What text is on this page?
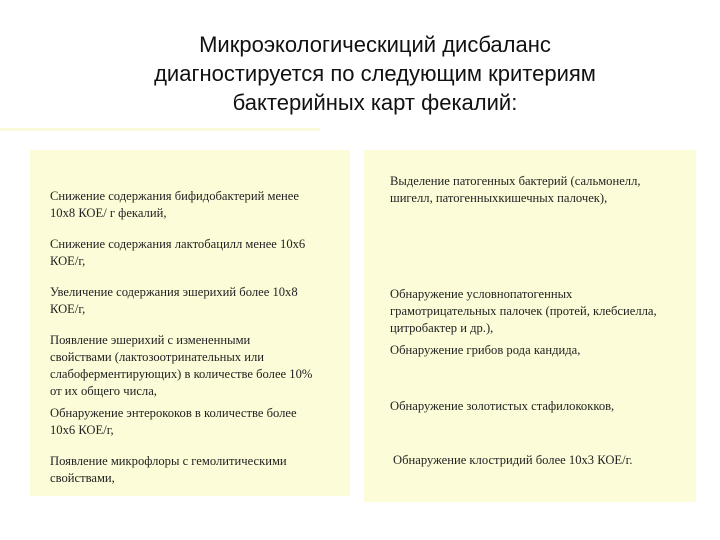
Микроэкологическиций дисбаланс
диагностируется по следующим критериям
бактерийных карт фекалий:
Снижение содержания бифидобактерий менее
10х8 КОЕ/ г фекалий,
Снижение содержания лактобацилл менее 10х6
КОЕ/г,
Увеличение содержания эшерихий более 10х8
КОЕ/г,
Появление эшерихий с измененными
свойствами (лактозоотринательных или
слабоферментирующих) в количестве более 10%
от их общего числа,
Обнаружение энтерококов в количестве более
10х6 КОЕ/г,
Появление микрофлоры с гемолитическими
свойствами,
Выделение патогенных бактерий (сальмонелл,
шигелл, патогенныхкишечных палочек),
Обнаружение условнопатогенных
грамотрицательных палочек (протей, клебсиелла,
цитробактер и др.),
Обнаружение грибов рода кандида,
Обнаружение золотистых стафилококков,
Обнаружение клостридий более 10х3 КОЕ/г.
